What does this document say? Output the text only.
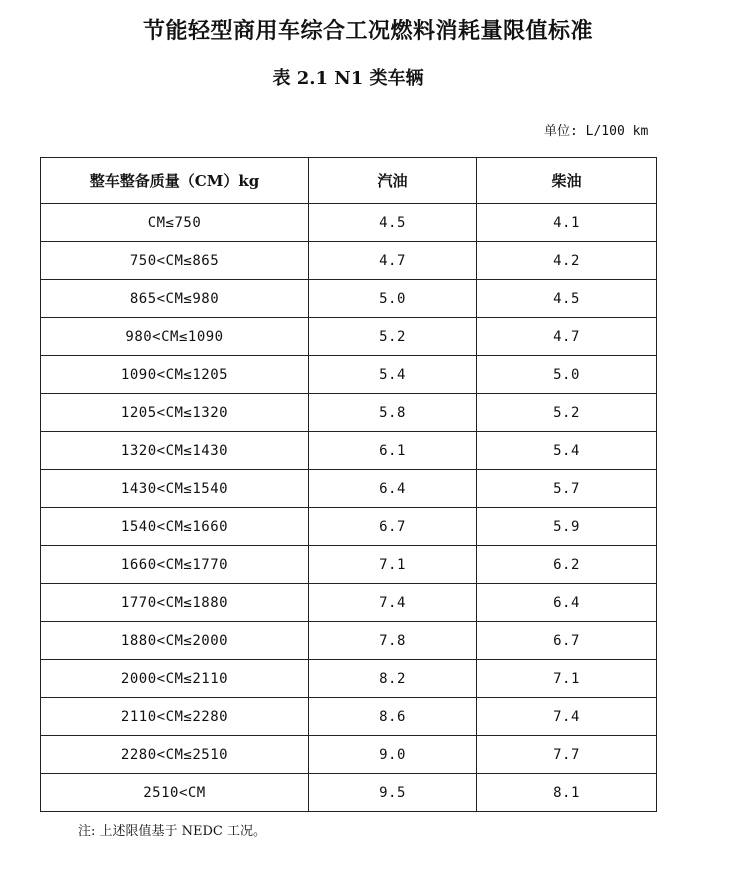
节能轻型商用车综合工况燃料消耗量限值标准
表 2.1 N1 类车辆
单位: L/100 km
整车整备质量（CM）kg	汽油	柴油
CM≤750	4.5	4.1
750<CM≤865	4.7	4.2
865<CM≤980	5.0	4.5
980<CM≤1090	5.2	4.7
1090<CM≤1205	5.4	5.0
1205<CM≤1320	5.8	5.2
1320<CM≤1430	6.1	5.4
1430<CM≤1540	6.4	5.7
1540<CM≤1660	6.7	5.9
1660<CM≤1770	7.1	6.2
1770<CM≤1880	7.4	6.4
1880<CM≤2000	7.8	6.7
2000<CM≤2110	8.2	7.1
2110<CM≤2280	8.6	7.4
2280<CM≤2510	9.0	7.7
2510<CM	9.5	8.1
注: 上述限值基于 NEDC 工况。
